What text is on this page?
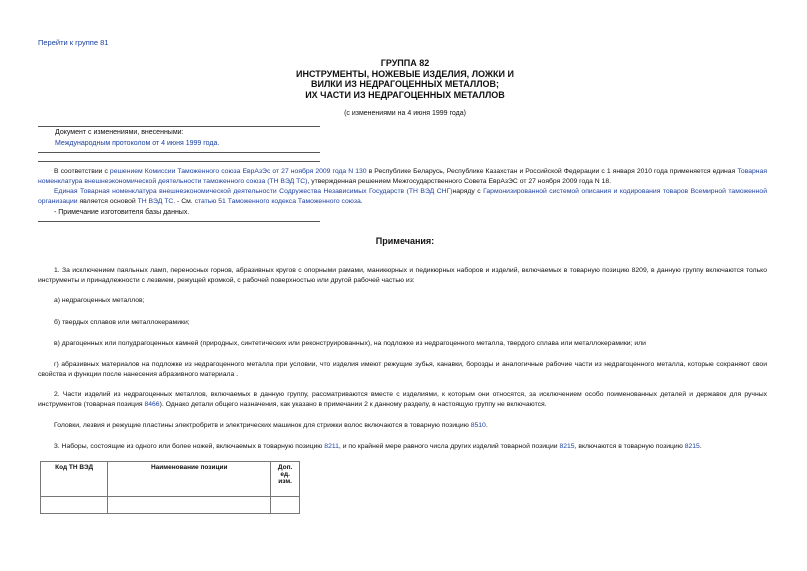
Перейти к группе 81
ГРУППА 82
ИНСТРУМЕНТЫ, НОЖЕВЫЕ ИЗДЕЛИЯ, ЛОЖКИ И
ВИЛКИ ИЗ НЕДРАГОЦЕННЫХ МЕТАЛЛОВ;
ИХ ЧАСТИ ИЗ НЕДРАГОЦЕННЫХ МЕТАЛЛОВ
(с изменениями на 4 июня 1999 года)
Документ с изменениями, внесенными:
Международным протоколом от 4 июня 1999 года.
В соответствии с решением Комиссии Таможенного союза ЕврАзЭс от 27 ноября 2009 года N 130 в Республике Беларусь, Республике Казахстан и Российской Федерации с 1 января 2010 года применяется единая Товарная номенклатура внешнеэкономической деятельности таможенного союза (ТН ВЭД ТС), утвержденная решением Межгосударственного Совета ЕврАзЭС от 27 ноября 2009 года N 18.
Единая Товарная номенклатура внешнеэкономической деятельности Содружества Независимых Государств (ТН ВЭД СНГ)наряду с Гармонизированной системой описания и кодирования товаров Всемирной таможенной организации является основой ТН ВЭД ТС. - См. статью 51 Таможенного кодекса Таможенного союза.
- Примечание изготовителя базы данных.
Примечания:
1. За исключением паяльных ламп, переносных горнов, абразивных кругов с опорными рамами, маникюрных и педикюрных наборов и изделий, включаемых в товарную позицию 8209, в данную группу включаются только инструменты и принадлежности с лезвием, режущей кромкой, с рабочей поверхностью или другой рабочей частью из:
а) недрагоценных металлов;
б) твердых сплавов или металлокерамики;
в) драгоценных или полудрагоценных камней (природных, синтетических или реконструированных), на подложке из недрагоценного металла, твердого сплава или металлокерамики; или
г) абразивных материалов на подложке из недрагоценного металла при условии, что изделия имеют режущие зубья, канавки, борозды и аналогичные рабочие части из недрагоценного металла, которые сохраняют свои свойства и функции после нанесения абразивного материала .
2. Части изделий из недрагоценных металлов, включаемых в данную группу, рассматриваются вместе с изделиями, к которым они относятся, за исключением особо поименованных деталей и державок для ручных инструментов (товарная позиция 8466). Однако детали общего назначения, как указано в примечании 2 к данному разделу, в настоящую группу не включаются.
Головки, лезвия и режущие пластины электробритв и электрических машинок для стрижки волос включаются в товарную позицию 8510.
3. Наборы, состоящие из одного или более ножей, включаемых в товарную позицию 8211, и по крайней мере равного числа других изделий товарной позиции 8215, включаются в товарную позицию 8215.
Код ТН ВЭД	Наименование позиции	Доп. ед. изм.
